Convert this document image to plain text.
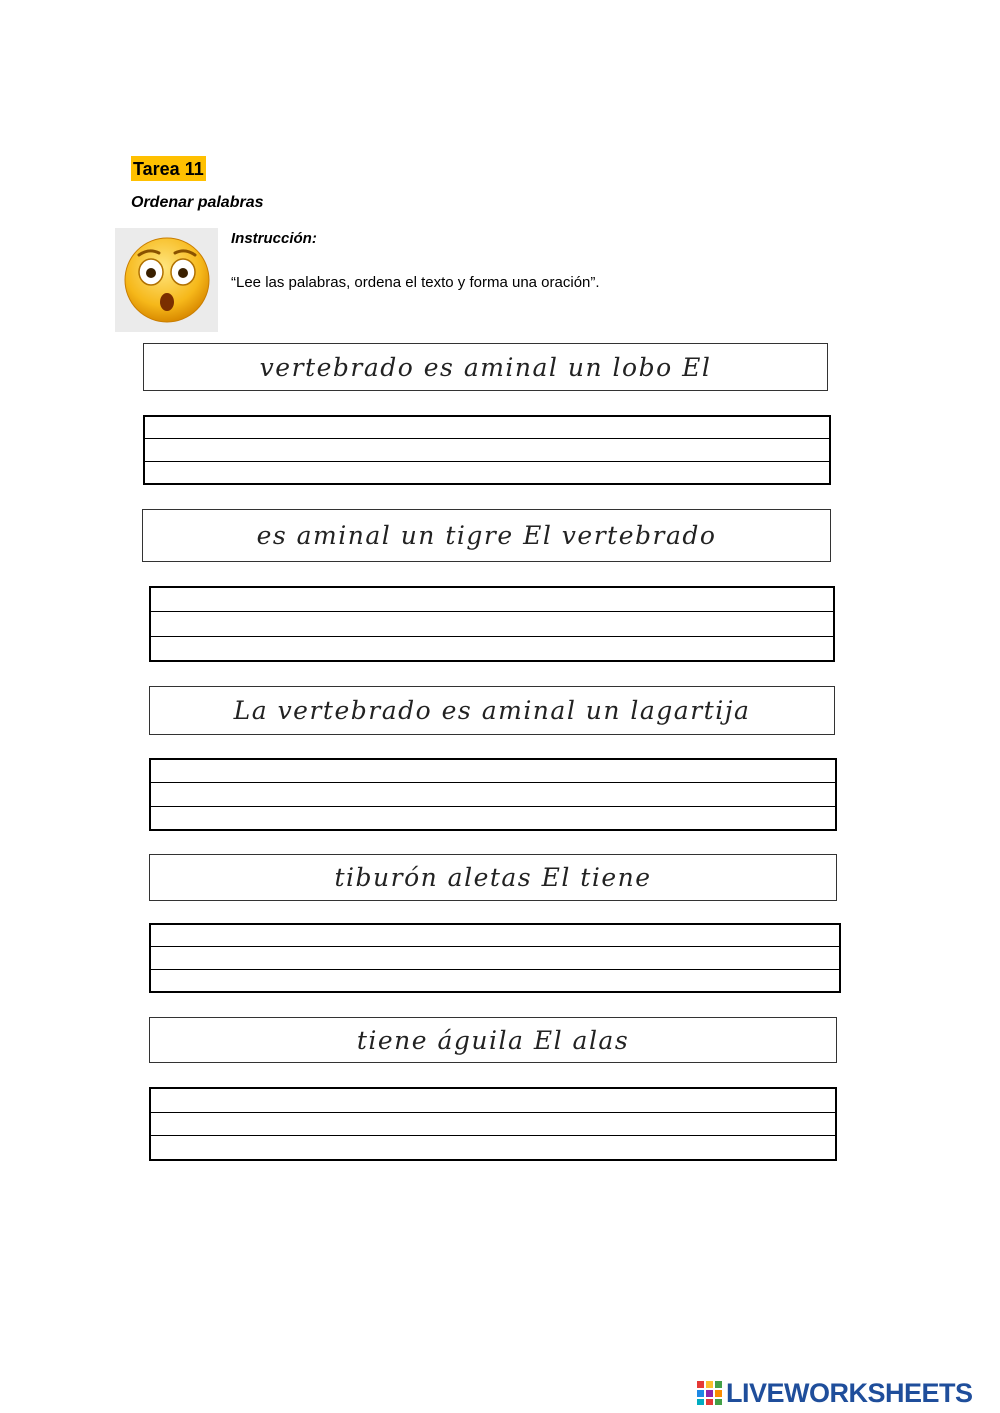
Tarea 11
Ordenar palabras
Instrucción:
“Lee las palabras, ordena el texto y forma una oración”.
vertebrado es aminal un lobo El
es aminal un tigre El vertebrado
La vertebrado es aminal un lagartija
tiburón aletas El tiene
tiene águila El alas
LIVEWORKSHEETS
